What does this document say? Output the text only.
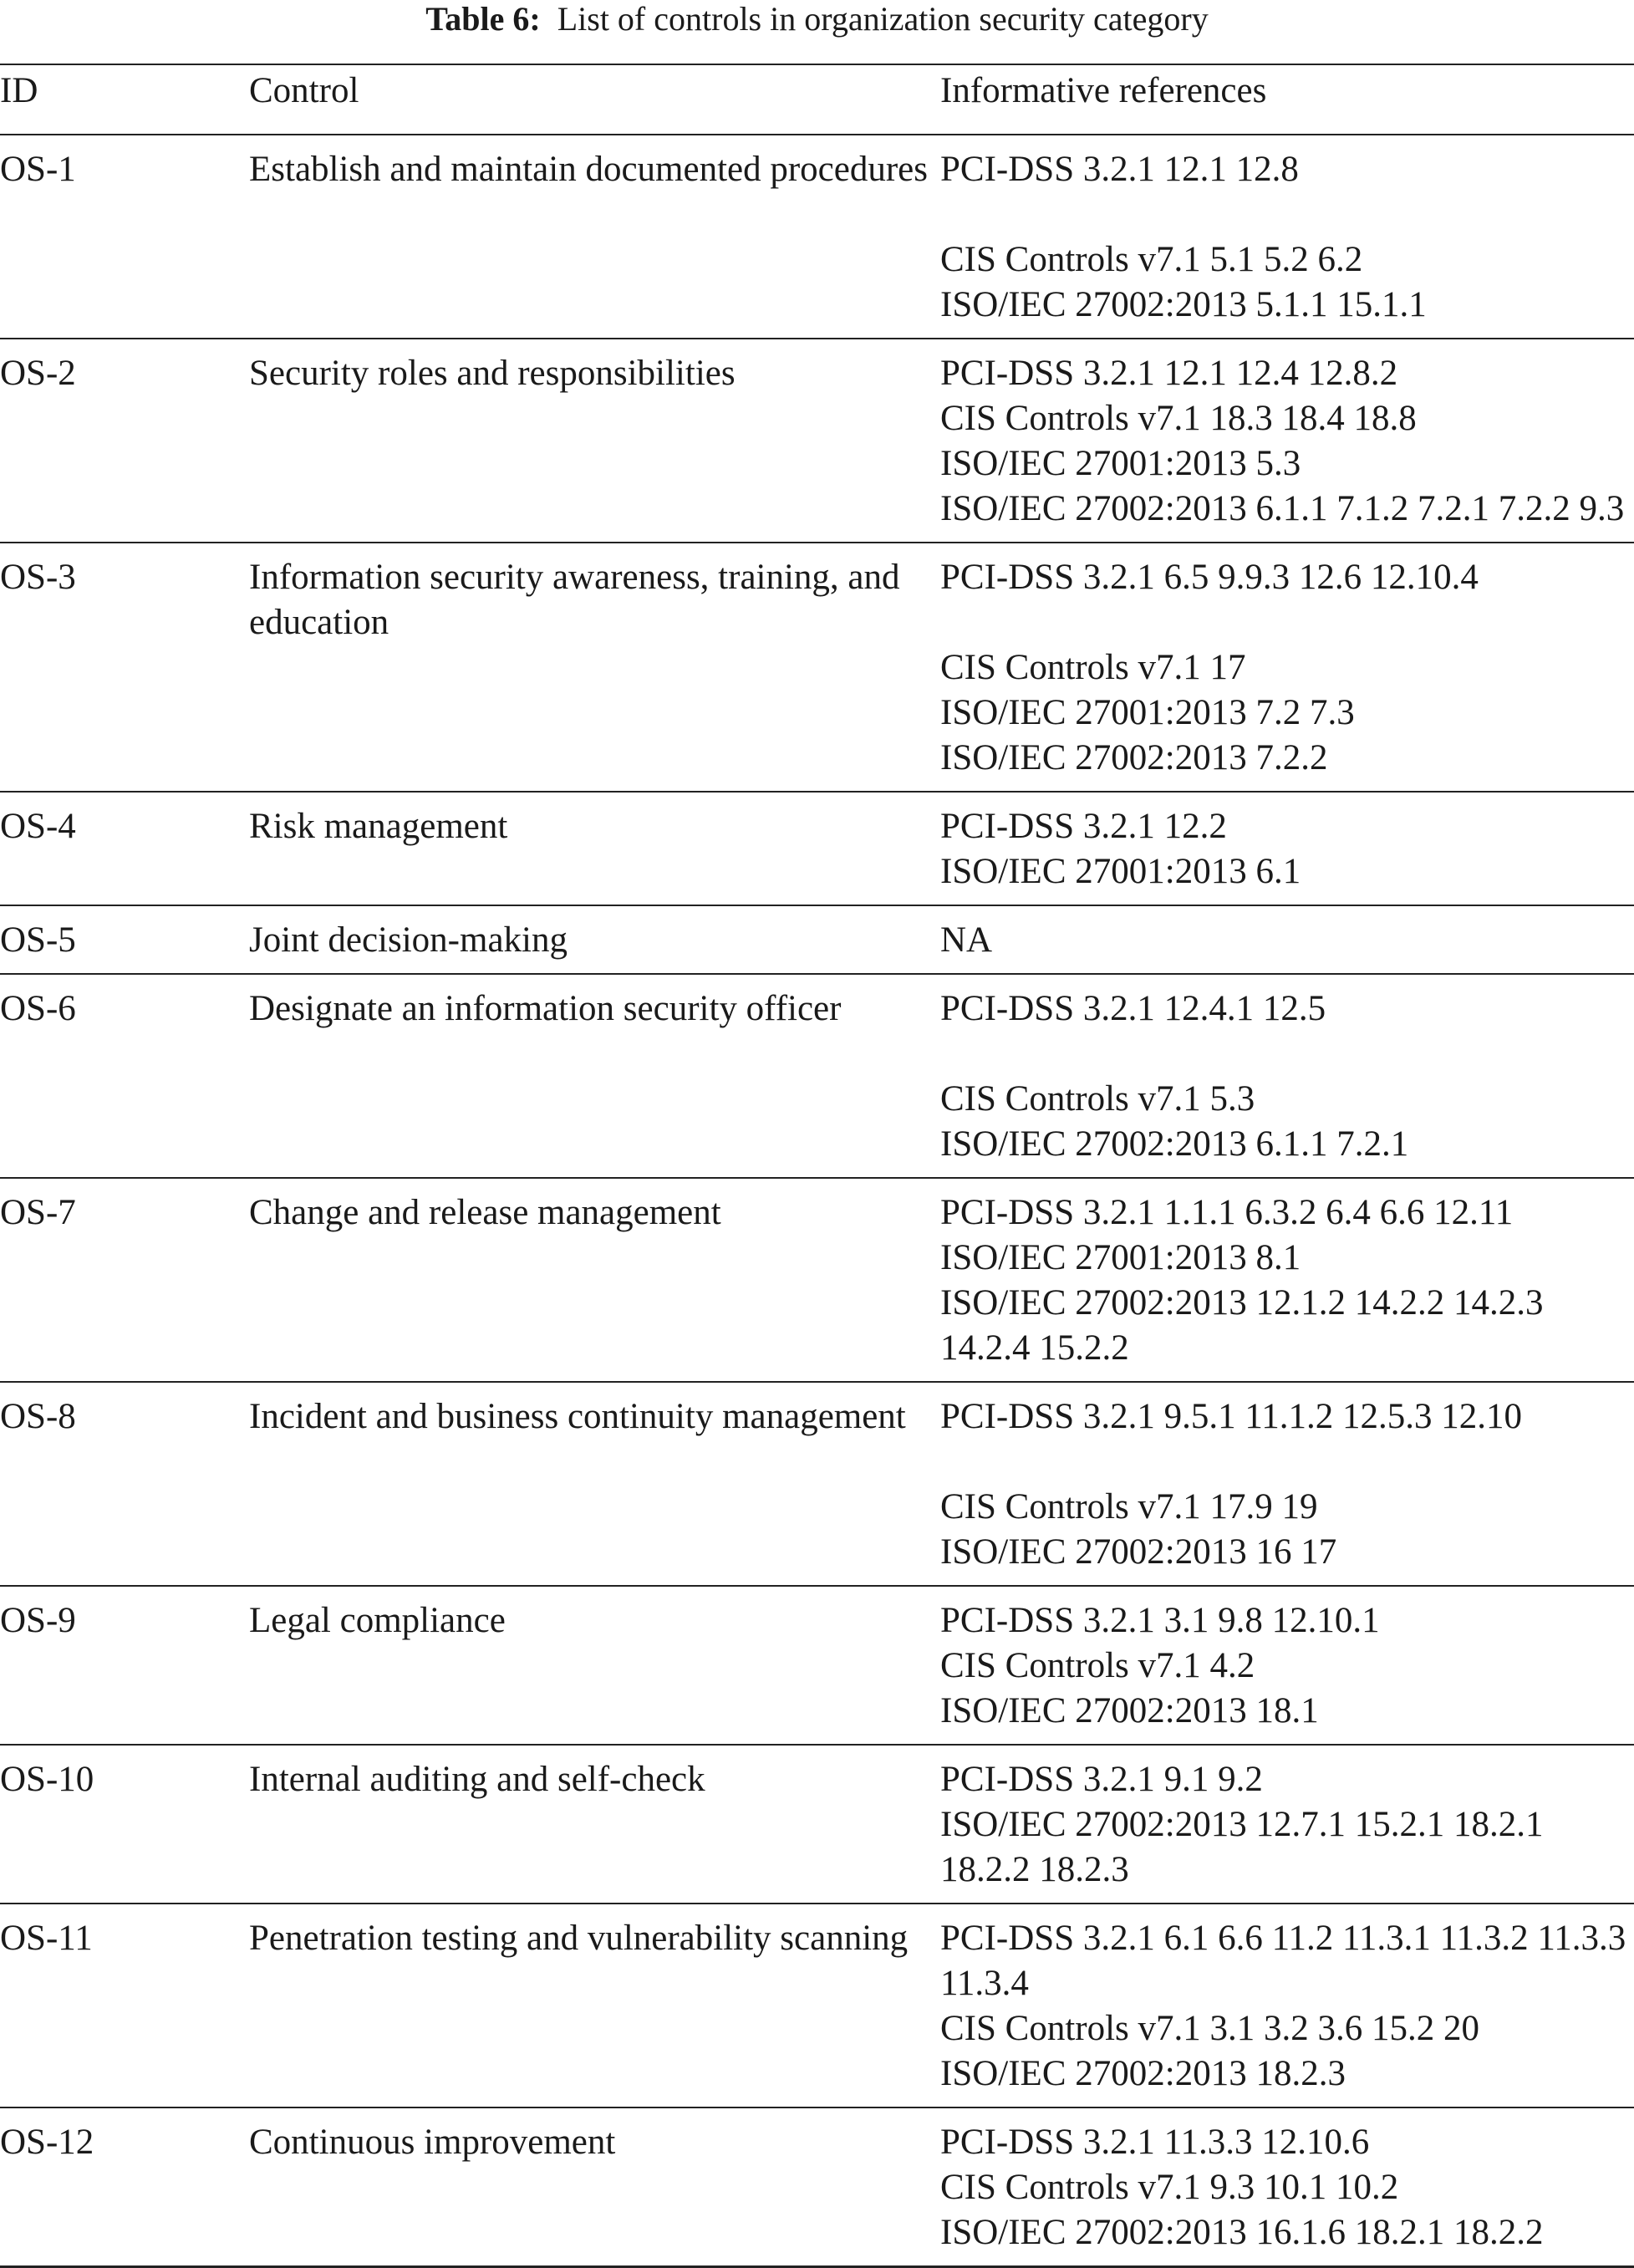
Table 6: List of controls in organization security category

ID	Control	Informative references
OS-1	Establish and maintain documented procedures	PCI-DSS 3.2.1 12.1 12.8
CIS Controls v7.1 5.1 5.2 6.2
ISO/IEC 27002:2013 5.1.1 15.1.1

OS-2	Security roles and responsibilities	PCI-DSS 3.2.1 12.1 12.4 12.8.2
CIS Controls v7.1 18.3 18.4 18.8
ISO/IEC 27001:2013 5.3
ISO/IEC 27002:2013 6.1.1 7.1.2 7.2.1 7.2.2 9.3

OS-3	Information security awareness, training, and education	PCI-DSS 3.2.1 6.5 9.9.3 12.6 12.10.4
CIS Controls v7.1 17
ISO/IEC 27001:2013 7.2 7.3
ISO/IEC 27002:2013 7.2.2

OS-4	Risk management	PCI-DSS 3.2.1 12.2
ISO/IEC 27001:2013 6.1

OS-5	Joint decision-making	NA

OS-6	Designate an information security officer	PCI-DSS 3.2.1 12.4.1 12.5
CIS Controls v7.1 5.3
ISO/IEC 27002:2013 6.1.1 7.2.1

OS-7	Change and release management	PCI-DSS 3.2.1 1.1.1 6.3.2 6.4 6.6 12.11
ISO/IEC 27001:2013 8.1
ISO/IEC 27002:2013 12.1.2 14.2.2 14.2.3 14.2.4 15.2.2

OS-8	Incident and business continuity management	PCI-DSS 3.2.1 9.5.1 11.1.2 12.5.3 12.10
CIS Controls v7.1 17.9 19
ISO/IEC 27002:2013 16 17

OS-9	Legal compliance	PCI-DSS 3.2.1 3.1 9.8 12.10.1
CIS Controls v7.1 4.2
ISO/IEC 27002:2013 18.1

OS-10	Internal auditing and self-check	PCI-DSS 3.2.1 9.1 9.2
ISO/IEC 27002:2013 12.7.1 15.2.1 18.2.1 18.2.2 18.2.3

OS-11	Penetration testing and vulnerability scanning	PCI-DSS 3.2.1 6.1 6.6 11.2 11.3.1 11.3.2 11.3.3 11.3.4
CIS Controls v7.1 3.1 3.2 3.6 15.2 20
ISO/IEC 27002:2013 18.2.3

OS-12	Continuous improvement	PCI-DSS 3.2.1 11.3.3 12.10.6
CIS Controls v7.1 9.3 10.1 10.2
ISO/IEC 27002:2013 16.1.6 18.2.1 18.2.2
